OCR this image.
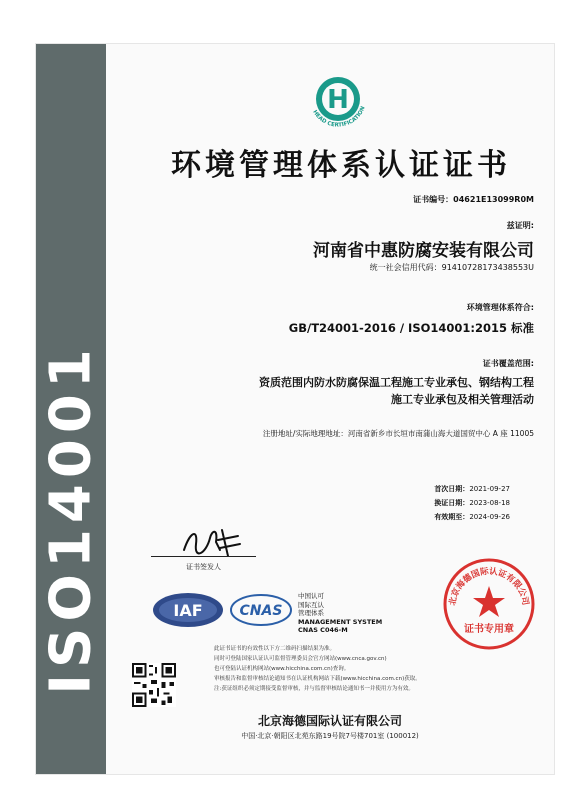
ISO14001
H
HEAD CERTIFICATION
环境管理体系认证证书
证书编号：04621E13099R0M
兹证明:
河南省中惠防腐安装有限公司
统一社会信用代码：91410728173438553U
环境管理体系符合:
GB/T24001-2016 / ISO14001:2015 标准
证书覆盖范围:
资质范围内防水防腐保温工程施工专业承包、钢结构工程
施工专业承包及相关管理活动
注册地址/实际地理地址：河南省新乡市长垣市南蒲山海大道国贸中心 A 座 11005
首次日期：2021-09-27
换证日期：2023-08-18
有效期至：2024-09-26
证书签发人
北京海德国际认证有限公司
证书专用章
IAF	CNAS
中国认可
国际互认
管理体系
MANAGEMENT SYSTEM
CNAS C046-M
此证书证书的有效性以下方二维码扫描结果为准。
同时可登陆国家认证认可监督管理委员会官方网站(www.cnca.gov.cn)
也可登陆认证机构网站(www.hicchina.com.cn)查询。
审核报告和监督审核结论通知书在认证机构网站下载(www.hicchina.com.cn)获取。
注:获证组织必须定期接受监督审核，并与监督审核结论通知书一并使用方为有效。
北京海德国际认证有限公司
中国·北京·朝阳区北苑东路19号院7号楼701室 (100012)
